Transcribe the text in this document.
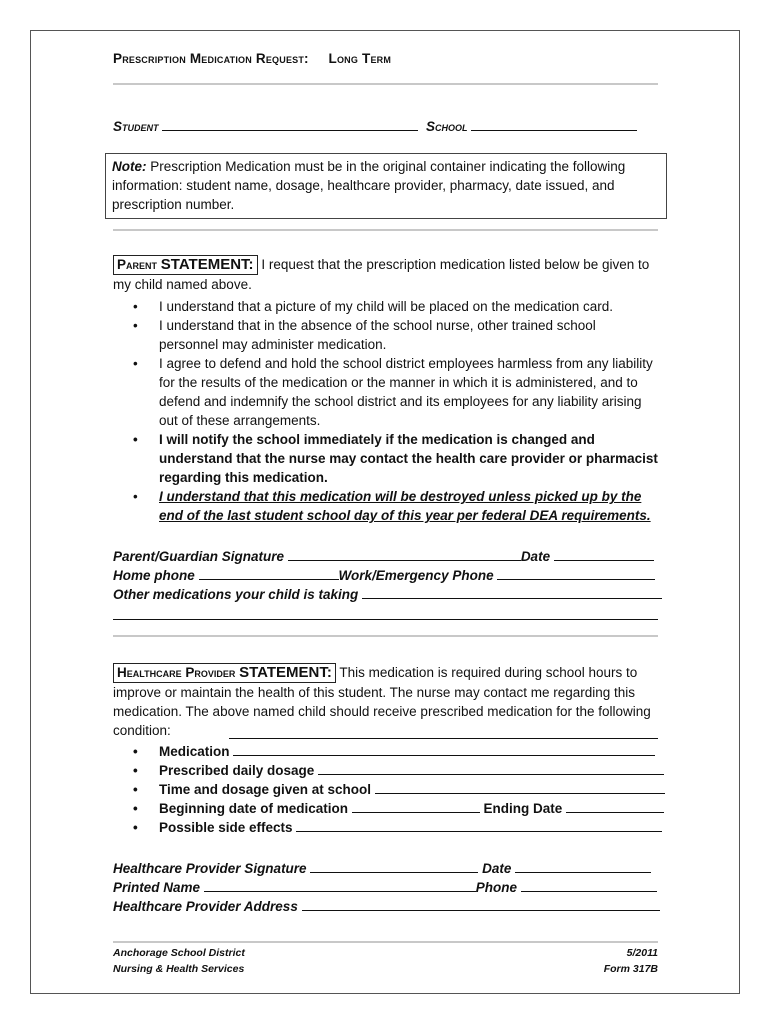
Prescription Medication Request: Long Term
Student	School
Note: Prescription Medication must be in the original container indicating the following information: student name, dosage, healthcare provider, pharmacy, date issued, and prescription number.
Parent STATEMENT: I request that the prescription medication listed below be given to my child named above.
• I understand that a picture of my child will be placed on the medication card.
• I understand that in the absence of the school nurse, other trained school personnel may administer medication.
• I agree to defend and hold the school district employees harmless from any liability for the results of the medication or the manner in which it is administered, and to defend and indemnify the school district and its employees for any liability arising out of these arrangements.
• I will notify the school immediately if the medication is changed and understand that the nurse may contact the health care provider or pharmacist regarding this medication.
• I understand that this medication will be destroyed unless picked up by the end of the last student school day of this year per federal DEA requirements.
Parent/Guardian Signature	Date
Home phone	Work/Emergency Phone
Other medications your child is taking
Healthcare Provider STATEMENT: This medication is required during school hours to improve or maintain the health of this student. The nurse may contact me regarding this medication. The above named child should receive prescribed medication for the following condition:
• Medication
• Prescribed daily dosage
• Time and dosage given at school
• Beginning date of medication	Ending Date
• Possible side effects
Healthcare Provider Signature	Date
Printed Name	Phone
Healthcare Provider Address
Anchorage School District
Nursing & Health Services
5/2011
Form 317B
